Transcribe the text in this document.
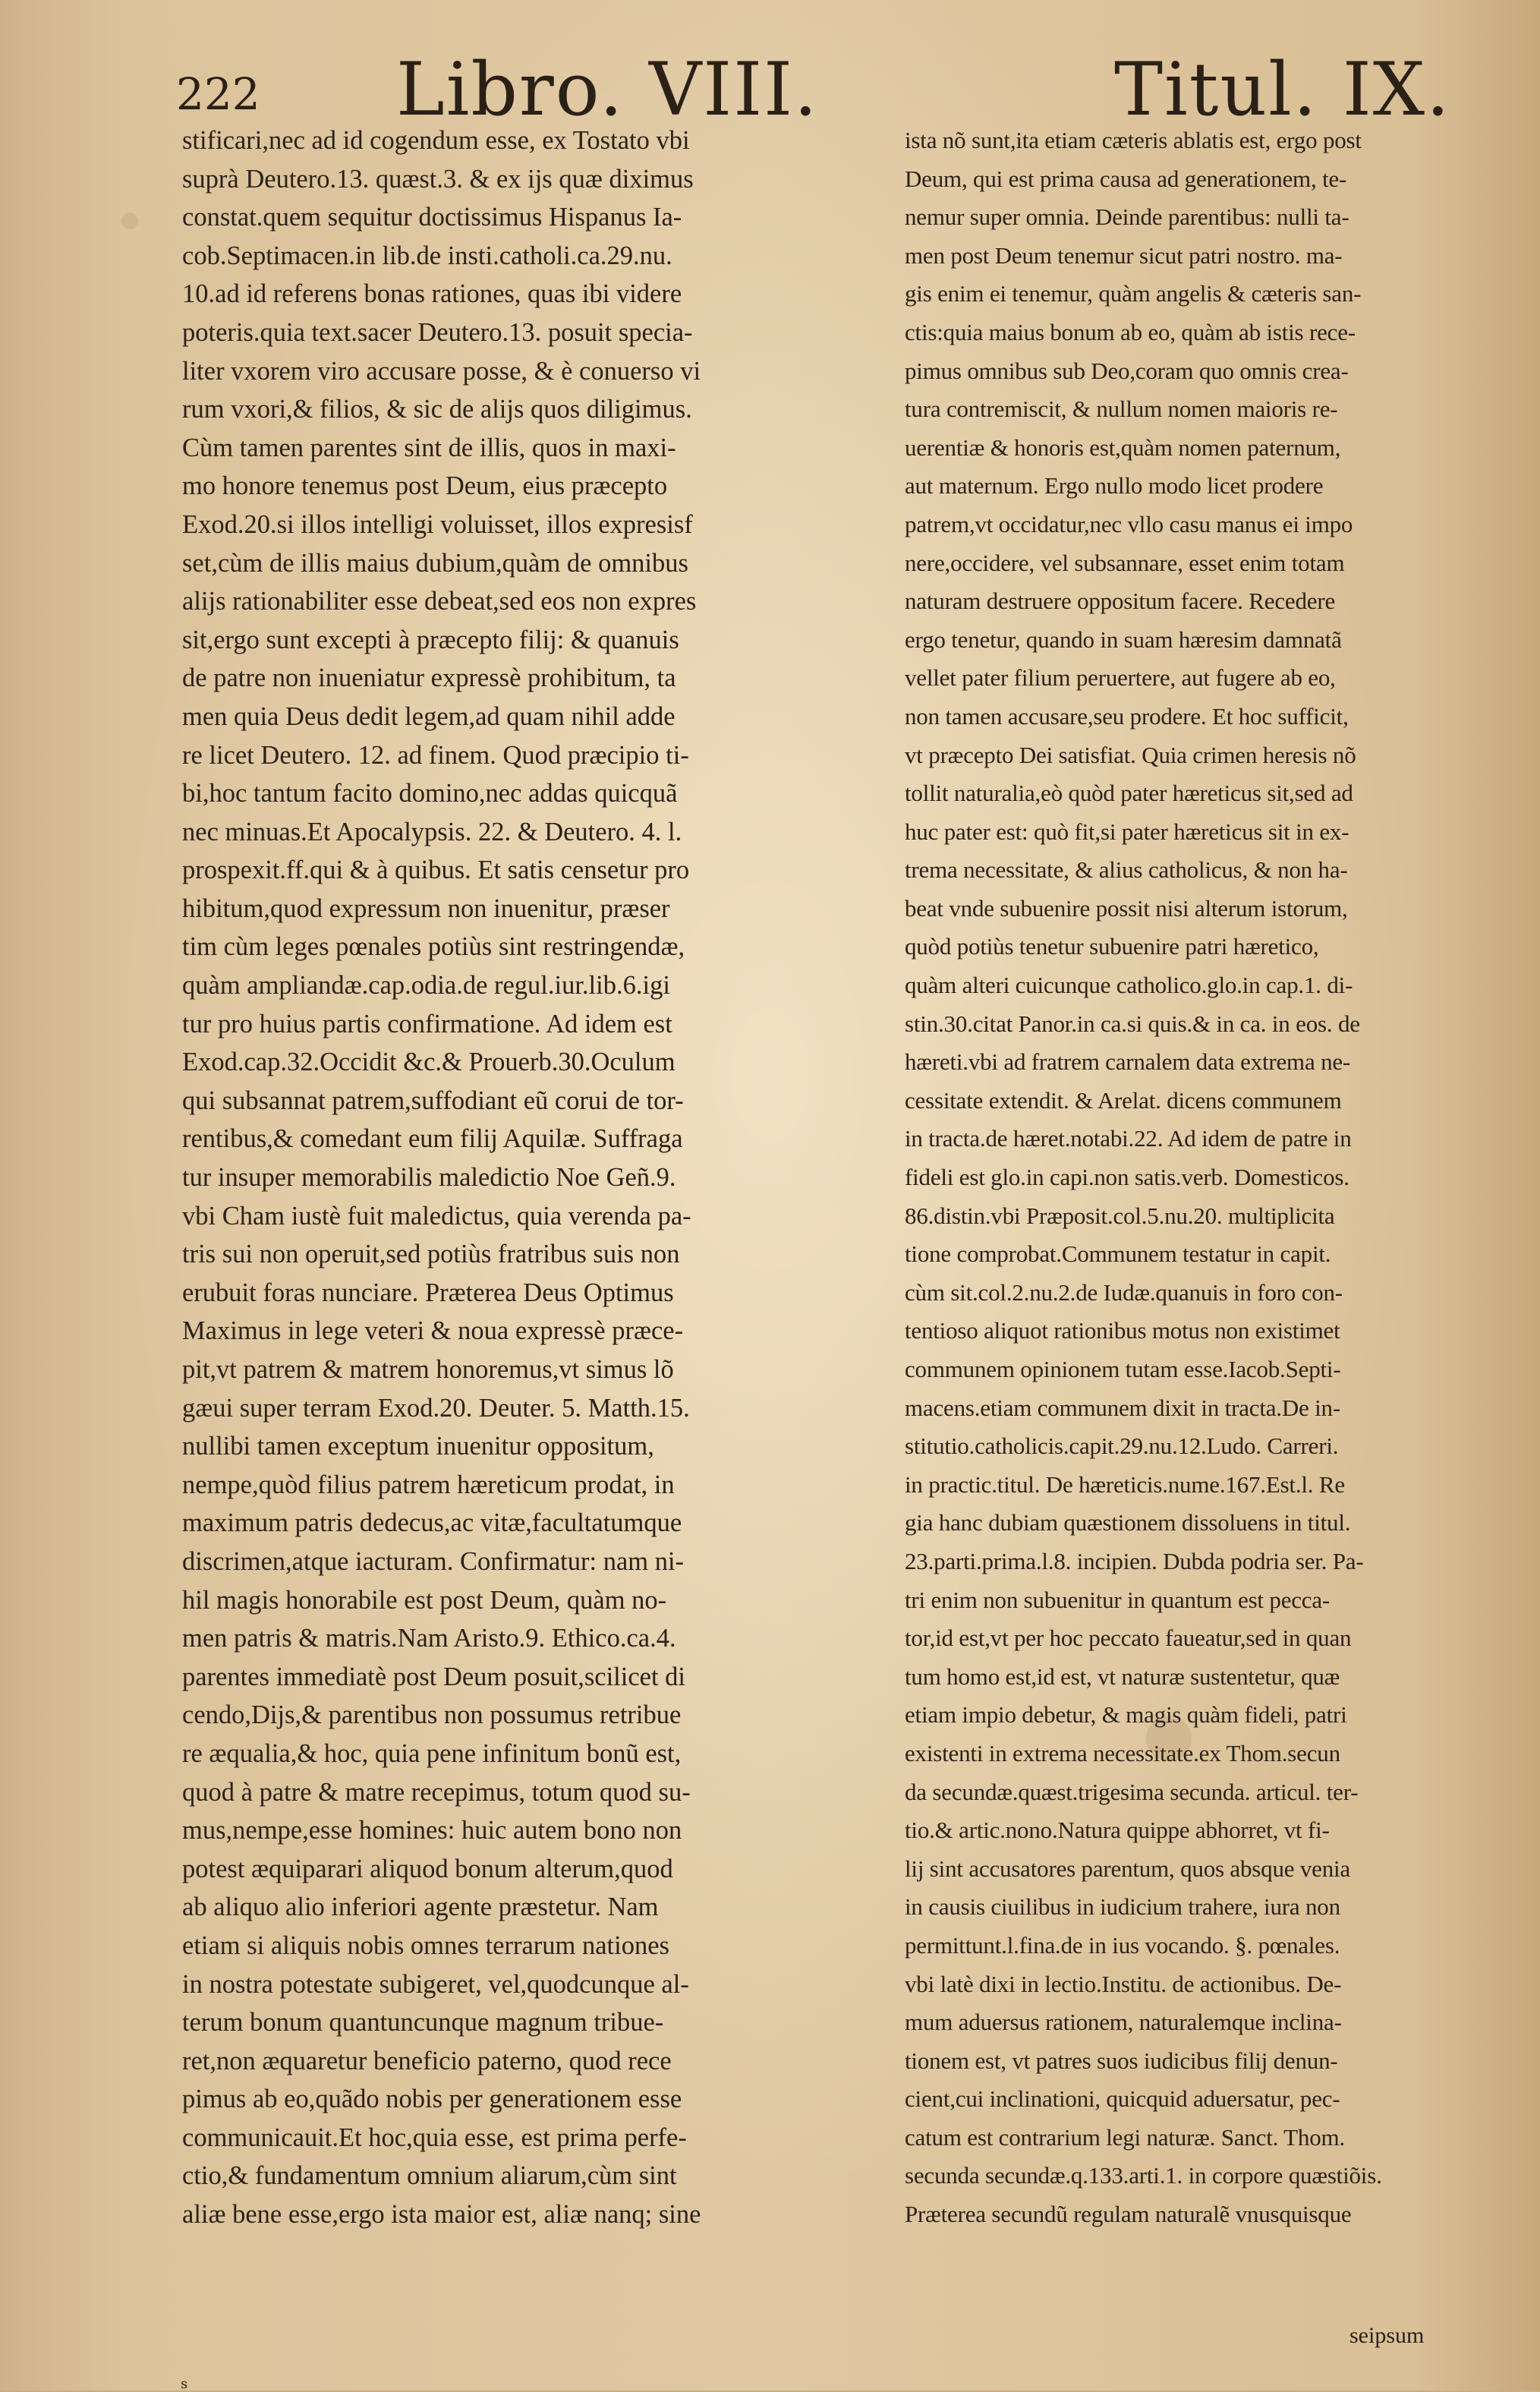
222 Libro. VIII.	Titul. IX.
stificari,nec ad id cogendum esse, ex Tostato vbi
suprà Deutero.13. quæst.3. & ex ijs quæ diximus
constat.quem sequitur doctissimus Hispanus Ia-
cob.Septimacen.in lib.de insti.catholi.ca.29.nu.
10.ad id referens bonas rationes, quas ibi videre
poteris.quia text.sacer Deutero.13. posuit specia-
liter vxorem viro accusare posse, & è conuerso vi
rum vxori,& filios, & sic de alijs quos diligimus.
Cùm tamen parentes sint de illis, quos in maxi-
mo honore tenemus post Deum, eius præcepto
Exod.20.si illos intelligi voluisset, illos expresisf
set,cùm de illis maius dubium,quàm de omnibus
alijs rationabiliter esse debeat,sed eos non expres
sit,ergo sunt excepti à præcepto filij: & quanuis
de patre non inueniatur expressè prohibitum, ta
men quia Deus dedit legem,ad quam nihil adde
re licet Deutero. 12. ad finem. Quod præcipio ti-
bi,hoc tantum facito domino,nec addas quicquã
nec minuas.Et Apocalypsis. 22. & Deutero. 4. l.
prospexit.ff.qui & à quibus. Et satis censetur pro
hibitum,quod expressum non inuenitur, præser
tim cùm leges pœnales potiùs sint restringendæ,
quàm ampliandæ.cap.odia.de regul.iur.lib.6.igi
tur pro huius partis confirmatione. Ad idem est
Exod.cap.32.Occidit &c.& Prouerb.30.Oculum
qui subsannat patrem,suffodiant eũ corui de tor-
rentibus,& comedant eum filij Aquilæ. Suffraga
tur insuper memorabilis maledictio Noe Geñ.9.
vbi Cham iustè fuit maledictus, quia verenda pa-
tris sui non operuit,sed potiùs fratribus suis non
erubuit foras nunciare. Præterea Deus Optimus
Maximus in lege veteri & noua expressè præce-
pit,vt patrem & matrem honoremus,vt simus lõ
gæui super terram Exod.20. Deuter. 5. Matth.15.
nullibi tamen exceptum inuenitur oppositum,
nempe,quòd filius patrem hæreticum prodat, in
maximum patris dedecus,ac vitæ,facultatumque
discrimen,atque iacturam. Confirmatur: nam ni-
hil magis honorabile est post Deum, quàm no-
men patris & matris.Nam Aristo.9. Ethico.ca.4.
parentes immediatè post Deum posuit,scilicet di
cendo,Dijs,& parentibus non possumus retribue
re æqualia,& hoc, quia pene infinitum bonũ est,
quod à patre & matre recepimus, totum quod su-
mus,nempe,esse homines: huic autem bono non
potest æquiparari aliquod bonum alterum,quod
ab aliquo alio inferiori agente præstetur. Nam
etiam si aliquis nobis omnes terrarum nationes
in nostra potestate subigeret, vel,quodcunque al-
terum bonum quantuncunque magnum tribue-
ret,non æquaretur beneficio paterno, quod rece
pimus ab eo,quãdo nobis per generationem esse
communicauit.Et hoc,quia esse, est prima perfe-
ctio,& fundamentum omnium aliarum,cùm sint
aliæ bene esse,ergo ista maior est, aliæ nanq; sine
ista nõ sunt,ita etiam cæteris ablatis est, ergo post
Deum, qui est prima causa ad generationem, te-
nemur super omnia. Deinde parentibus: nulli ta-
men post Deum tenemur sicut patri nostro. ma-
gis enim ei tenemur, quàm angelis & cæteris san-
ctis:quia maius bonum ab eo, quàm ab istis rece-
pimus omnibus sub Deo,coram quo omnis crea-
tura contremiscit, & nullum nomen maioris re-
uerentiæ & honoris est,quàm nomen paternum,
aut maternum. Ergo nullo modo licet prodere
patrem,vt occidatur,nec vllo casu manus ei impo
nere,occidere, vel subsannare, esset enim totam
naturam destruere oppositum facere. Recedere
ergo tenetur, quando in suam hæresim damnatã
vellet pater filium peruertere, aut fugere ab eo,
non tamen accusare,seu prodere. Et hoc sufficit,
vt præcepto Dei satisfiat. Quia crimen heresis nõ
tollit naturalia,eò quòd pater hæreticus sit,sed ad
huc pater est: quò fit,si pater hæreticus sit in ex-
trema necessitate, & alius catholicus, & non ha-
beat vnde subuenire possit nisi alterum istorum,
quòd potiùs tenetur subuenire patri hæretico,
quàm alteri cuicunque catholico.glo.in cap.1. di-
stin.30.citat Panor.in ca.si quis.& in ca. in eos. de
hæreti.vbi ad fratrem carnalem data extrema ne-
cessitate extendit. & Arelat. dicens communem
in tracta.de hæret.notabi.22. Ad idem de patre in
fideli est glo.in capi.non satis.verb. Domesticos.
86.distin.vbi Præposit.col.5.nu.20. multiplicita
tione comprobat.Communem testatur in capit.
cùm sit.col.2.nu.2.de Iudæ.quanuis in foro con-
tentioso aliquot rationibus motus non existimet
communem opinionem tutam esse.Iacob.Septi-
macens.etiam communem dixit in tracta.De in-
stitutio.catholicis.capit.29.nu.12.Ludo. Carreri.
in practic.titul. De hæreticis.nume.167.Est.l. Re
gia hanc dubiam quæstionem dissoluens in titul.
23.parti.prima.l.8. incipien. Dubda podria ser. Pa-
tri enim non subuenitur in quantum est pecca-
tor,id est,vt per hoc peccato faueatur,sed in quan
tum homo est,id est, vt naturæ sustentetur, quæ
etiam impio debetur, & magis quàm fideli, patri
existenti in extrema necessitate.ex Thom.secun
da secundæ.quæst.trigesima secunda. articul. ter-
tio.& artic.nono.Natura quippe abhorret, vt fi-
lij sint accusatores parentum, quos absque venia
in causis ciuilibus in iudicium trahere, iura non
permittunt.l.fina.de in ius vocando. §. pœnales.
vbi latè dixi in lectio.Institu. de actionibus. De-
mum aduersus rationem, naturalemque inclina-
tionem est, vt patres suos iudicibus filij denun-
cient,cui inclinationi, quicquid aduersatur, pec-
catum est contrarium legi naturæ. Sanct. Thom.
secunda secundæ.q.133.arti.1. in corpore quæstiõis.
Præterea secundũ regulam naturalẽ vnusquisque
seipsum
s
